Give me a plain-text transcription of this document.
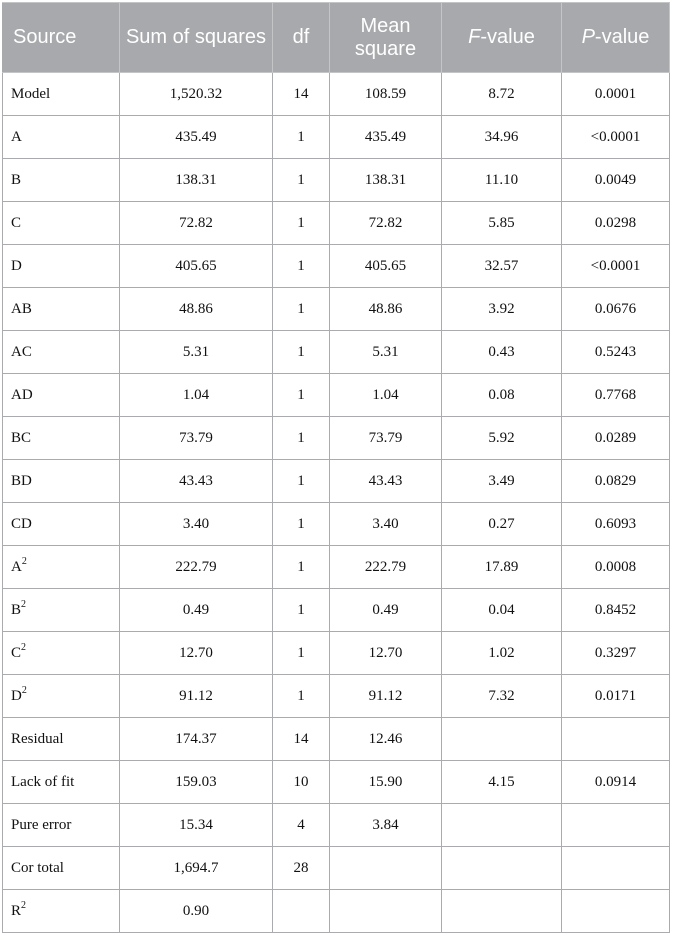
Source	Sum of squares	df	Mean square	F-value	P-value
Model	1,520.32	14	108.59	8.72	0.0001
A	435.49	1	435.49	34.96	<0.0001
B	138.31	1	138.31	11.10	0.0049
C	72.82	1	72.82	5.85	0.0298
D	405.65	1	405.65	32.57	<0.0001
AB	48.86	1	48.86	3.92	0.0676
AC	5.31	1	5.31	0.43	0.5243
AD	1.04	1	1.04	0.08	0.7768
BC	73.79	1	73.79	5.92	0.0289
BD	43.43	1	43.43	3.49	0.0829
CD	3.40	1	3.40	0.27	0.6093
$A^2$	222.79	1	222.79	17.89	0.0008
$B^2$	0.49	1	0.49	0.04	0.8452
$C^2$	12.70	1	12.70	1.02	0.3297
$D^2$	91.12	1	91.12	7.32	0.0171
Residual	174.37	14	12.46		
Lack of fit	159.03	10	15.90	4.15	0.0914
Pure error	15.34	4	3.84		
Cor total	1,694.7	28			
$R^2$	0.90				
